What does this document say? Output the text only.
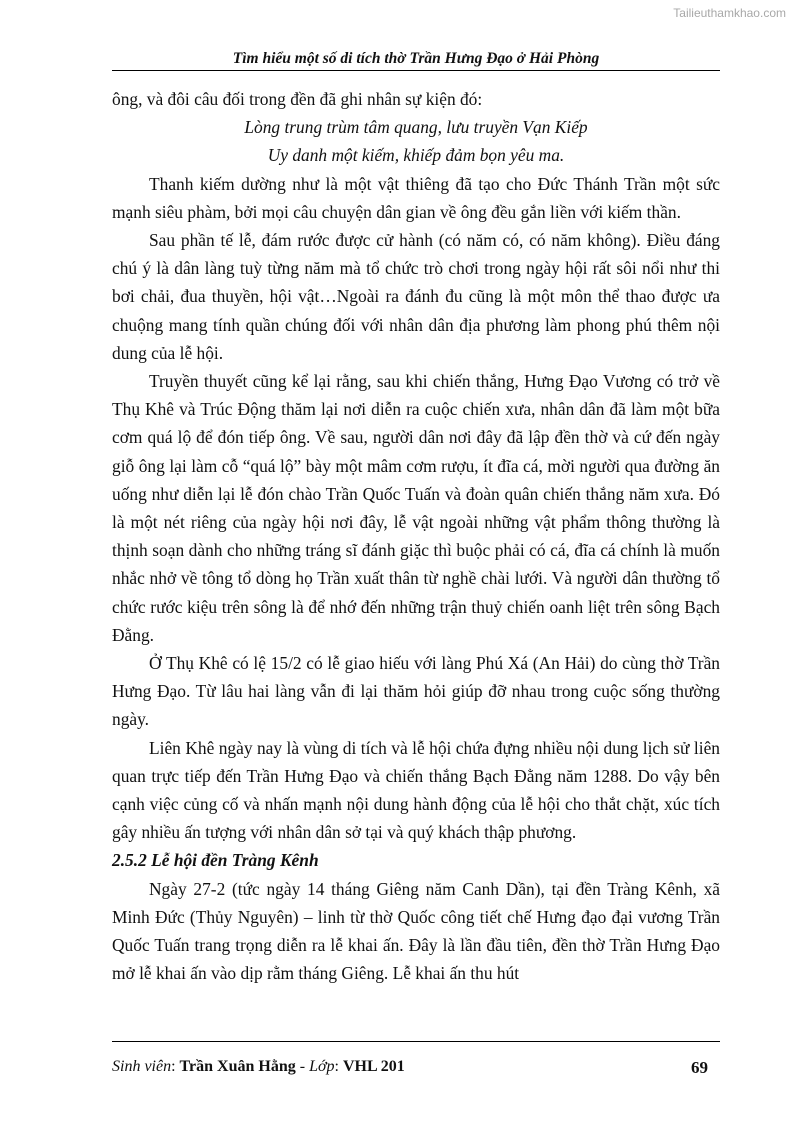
Tailieuthamkhao.com
Tìm hiểu một số di tích thờ Trần Hưng Đạo ở Hải Phòng

ông, và đôi câu đối trong đền đã ghi nhân sự kiện đó:

Lòng trung trùm tâm quang, lưu truyền Vạn Kiếp

Uy danh một kiếm, khiếp đảm bọn yêu ma.

Thanh kiếm dường như là một vật thiêng đã tạo cho Đức Thánh Trần một sức mạnh siêu phàm, bởi mọi câu chuyện dân gian về ông đều gắn liền với kiếm thần.

Sau phần tế lễ, đám rước được cử hành (có năm có, có năm không). Điều đáng chú ý là dân làng tuỳ từng năm mà tổ chức trò chơi trong ngày hội rất sôi nổi như thi bơi chải, đua thuyền, hội vật…Ngoài ra đánh đu cũng là một môn thể thao được ưa chuộng mang tính quần chúng đối với nhân dân địa phương làm phong phú thêm nội dung của lễ hội.

Truyền thuyết cũng kể lại rằng, sau khi chiến thắng, Hưng Đạo Vương có trở về Thụ Khê và Trúc Động thăm lại nơi diễn ra cuộc chiến xưa, nhân dân đã làm một bữa cơm quá lộ để đón tiếp ông. Về sau, người dân nơi đây đã lập đền thờ và cứ đến ngày giỗ ông lại làm cỗ “quá lộ” bày một mâm cơm rượu, ít đĩa cá, mời người qua đường ăn uống như diễn lại lễ đón chào Trần Quốc Tuấn và đoàn quân chiến thắng năm xưa. Đó là một nét riêng của ngày hội nơi đây, lễ vật ngoài những vật phẩm thông thường là thịnh soạn dành cho những tráng sĩ đánh giặc thì buộc phải có cá, đĩa cá chính là muốn nhắc nhở về tông tổ dòng họ Trần xuất thân từ nghề chài lưới. Và người dân thường tổ chức rước kiệu trên sông là để nhớ đến những trận thuỷ chiến oanh liệt trên sông Bạch Đằng.

Ở Thụ Khê có lệ 15/2 có lễ giao hiếu với làng Phú Xá (An Hải) do cùng thờ Trần Hưng Đạo. Từ lâu hai làng vẫn đi lại thăm hỏi giúp đỡ nhau trong cuộc sống thường ngày.

Liên Khê ngày nay là vùng di tích và lễ hội chứa đựng nhiều nội dung lịch sử liên quan trực tiếp đến Trần Hưng Đạo và chiến thắng Bạch Đằng năm 1288. Do vậy bên cạnh việc củng cố và nhấn mạnh nội dung hành động của lễ hội cho thắt chặt, xúc tích gây nhiều ấn tượng với nhân dân sở tại và quý khách thập phương.

2.5.2 Lễ hội đền Tràng Kênh

Ngày 27-2 (tức ngày 14 tháng Giêng năm Canh Dần), tại đền Tràng Kênh, xã Minh Đức (Thủy Nguyên) – linh từ thờ Quốc công tiết chế Hưng đạo đại vương Trần Quốc Tuấn trang trọng diễn ra lễ khai ấn. Đây là lần đầu tiên, đền thờ Trần Hưng Đạo mở lễ khai ấn vào dịp rằm tháng Giêng. Lễ khai ấn thu hút

Sinh viên: Trần Xuân Hằng - Lớp: VHL 201	69
